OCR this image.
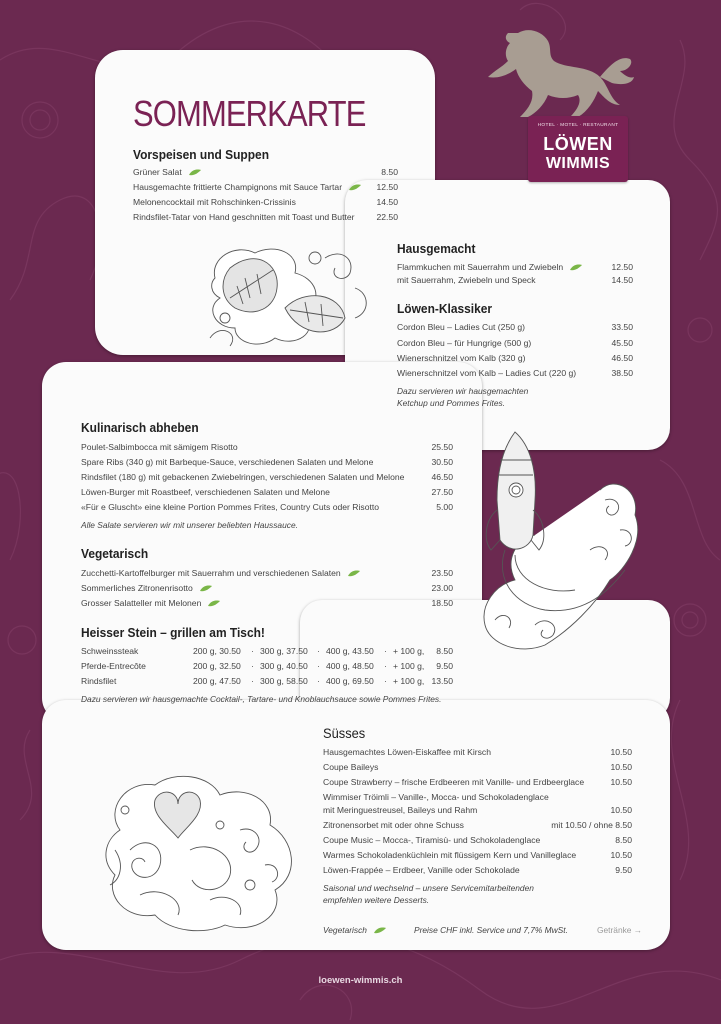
HOTEL · MOTEL · RESTAURANT
LÖWEN
WIMMIS
SOMMERKARTE
Vorspeisen und Suppen
Grüner Salat	8.50
Hausgemachte frittierte Champignons mit Sauce Tartar	12.50
Melonencocktail mit Rohschinken-Crissinis	14.50
Rindsfilet-Tatar von Hand geschnitten mit Toast und Butter	22.50
Hausgemacht
Flammkuchen mit Sauerrahm und Zwiebeln	12.50
mit Sauerrahm, Zwiebeln und Speck	14.50
Löwen-Klassiker
Cordon Bleu – Ladies Cut (250 g)	33.50
Cordon Bleu – für Hungrige (500 g)	45.50
Wienerschnitzel vom Kalb (320 g)	46.50
Wienerschnitzel vom Kalb – Ladies Cut (220 g)	38.50
Dazu servieren wir hausgemachten
Ketchup und Pommes Frites.
Kulinarisch abheben
Poulet-Salbimbocca mit sämigem Risotto	25.50
Spare Ribs (340 g) mit Barbeque-Sauce, verschiedenen Salaten und Melone	30.50
Rindsfilet (180 g) mit gebackenen Zwiebelringen, verschiedenen Salaten und Melone	46.50
Löwen-Burger mit Roastbeef, verschiedenen Salaten und Melone	27.50
«Für e Gluscht» eine kleine Portion Pommes Frites, Country Cuts oder Risotto	5.00
Alle Salate servieren wir mit unserer beliebten Haussauce.
Vegetarisch
Zucchetti-Kartoffelburger mit Sauerrahm und verschiedenen Salaten	23.50
Sommerliches Zitronenrisotto	23.00
Grosser Salatteller mit Melonen	18.50
Heisser Stein – grillen am Tisch!
Schweinssteak	200 g, 30.50 · 300 g, 37.50 · 400 g, 43.50 · + 100 g, 8.50
Pferde-Entrecôte	200 g, 32.50 · 300 g, 40.50 · 400 g, 48.50 · + 100 g, 9.50
Rindsfilet	200 g, 47.50 · 300 g, 58.50 · 400 g, 69.50 · + 100 g, 13.50
Dazu servieren wir hausgemachte Cocktail-, Tartare- und Knoblauchsauce sowie Pommes Frites.
Süsses
Hausgemachtes Löwen-Eiskaffee mit Kirsch	10.50
Coupe Baileys	10.50
Coupe Strawberry – frische Erdbeeren mit Vanille- und Erdbeerglace	10.50
Wimmiser Tröimli – Vanille-, Mocca- und Schokoladenglace
mit Meringuestreusel, Baileys und Rahm	10.50
Zitronensorbet mit oder ohne Schuss	mit 10.50 / ohne 8.50
Coupe Music – Mocca-, Tiramisù- und Schokoladenglace	8.50
Warmes Schokoladenküchlein mit flüssigem Kern und Vanilleglace	10.50
Löwen-Frappée – Erdbeer, Vanille oder Schokolade	9.50
Saisonal und wechselnd – unsere Servicemitarbeitenden
empfehlen weitere Desserts.
Vegetarisch	Preise CHF inkl. Service und 7,7% MwSt.	Getränke →
loewen-wimmis.ch
